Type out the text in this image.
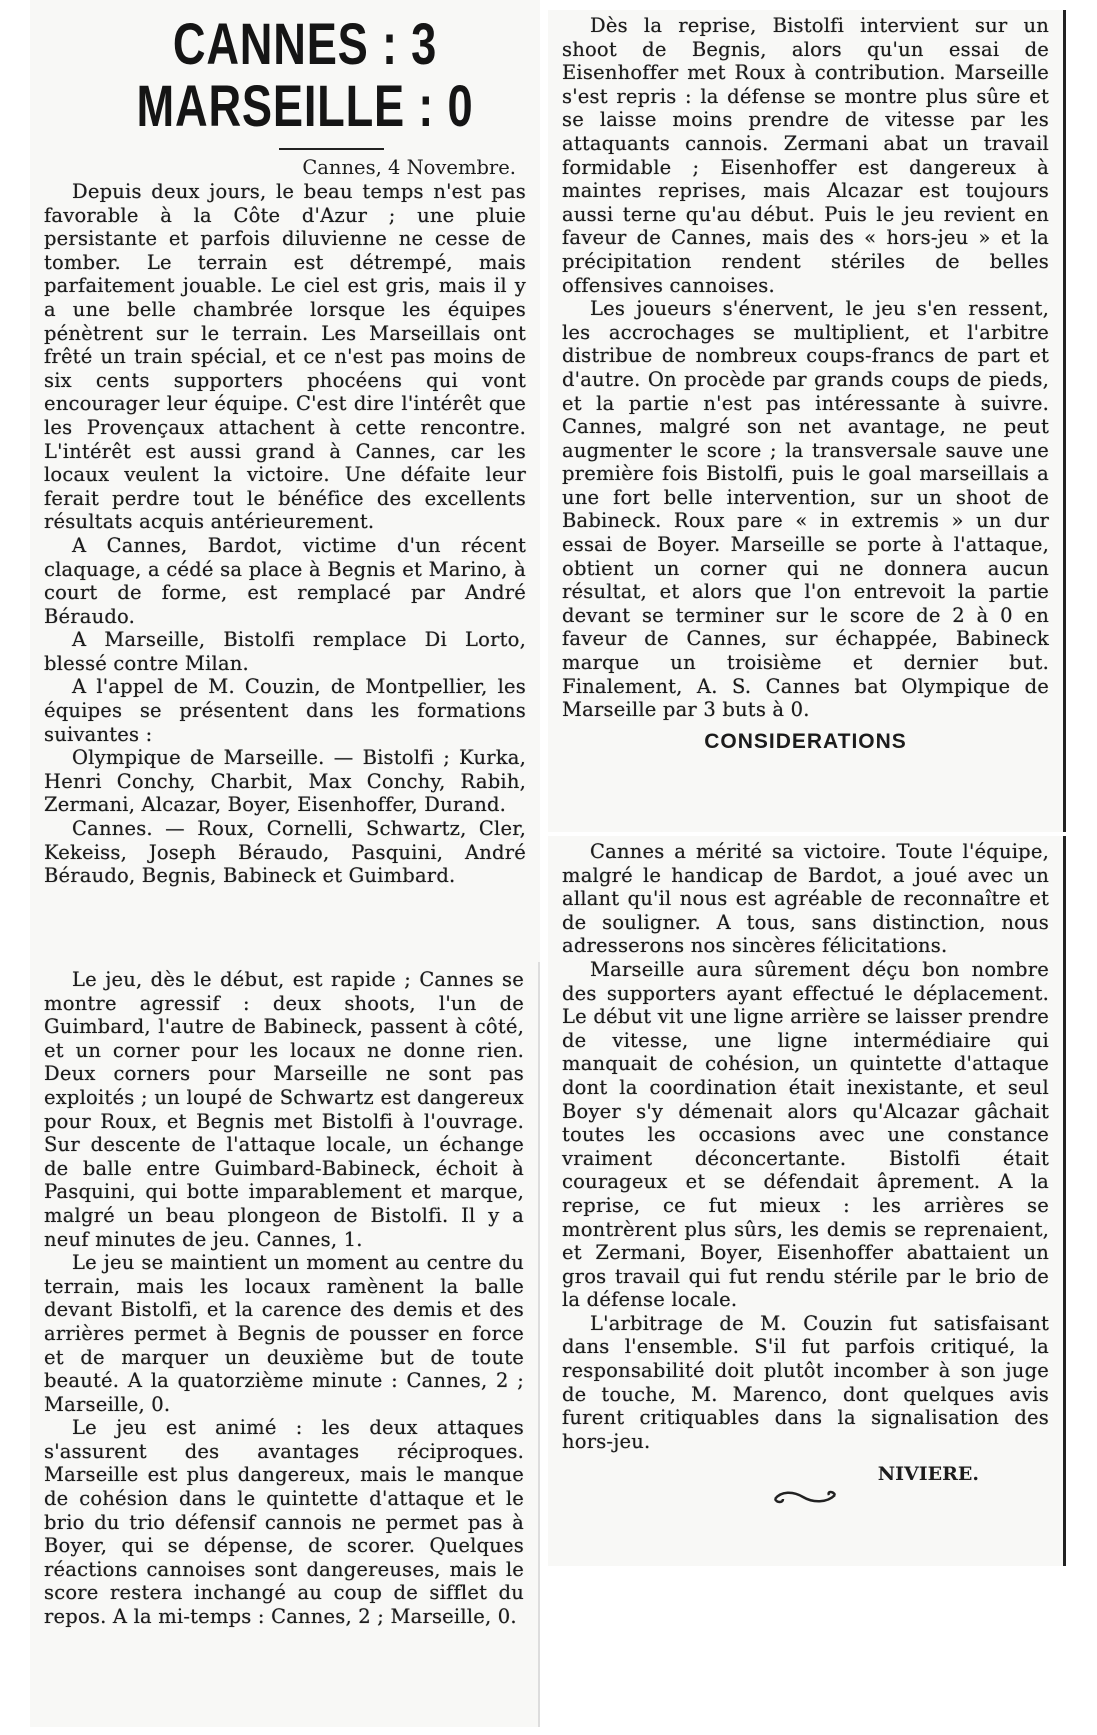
CANNES : 3
MARSEILLE : 0
Cannes, 4 Novembre.

Depuis deux jours, le beau temps n'est pas favorable à la Côte d'Azur ; une pluie persistante et parfois diluvienne ne cesse de tomber. Le terrain est détrempé, mais parfaitement jouable. Le ciel est gris, mais il y a une belle chambrée lorsque les équipes pénètrent sur le terrain. Les Marseillais ont frêté un train spécial, et ce n'est pas moins de six cents supporters phocéens qui vont encourager leur équipe. C'est dire l'intérêt que les Provençaux attachent à cette rencontre. L'intérêt est aussi grand à Cannes, car les locaux veulent la victoire. Une défaite leur ferait perdre tout le bénéfice des excellents résultats acquis antérieurement.

A Cannes, Bardot, victime d'un récent claquage, a cédé sa place à Begnis et Marino, à court de forme, est remplacé par André Béraudo.

A Marseille, Bistolfi remplace Di Lorto, blessé contre Milan.

A l'appel de M. Couzin, de Montpellier, les équipes se présentent dans les formations suivantes :

Olympique de Marseille. — Bistolfi ; Kurka, Henri Conchy, Charbit, Max Conchy, Rabih, Zermani, Alcazar, Boyer, Eisenhoffer, Durand.

Cannes. — Roux, Cornelli, Schwartz, Cler, Kekeiss, Joseph Béraudo, Pasquini, André Béraudo, Begnis, Babineck et Guimbard.

Le jeu, dès le début, est rapide ; Cannes se montre agressif : deux shoots, l'un de Guimbard, l'autre de Babineck, passent à côté, et un corner pour les locaux ne donne rien. Deux corners pour Marseille ne sont pas exploités ; un loupé de Schwartz est dangereux pour Roux, et Begnis met Bistolfi à l'ouvrage. Sur descente de l'attaque locale, un échange de balle entre Guimbard-Babineck, échoit à Pasquini, qui botte imparablement et marque, malgré un beau plongeon de Bistolfi. Il y a neuf minutes de jeu. Cannes, 1.

Le jeu se maintient un moment au centre du terrain, mais les locaux ramènent la balle devant Bistolfi, et la carence des demis et des arrières permet à Begnis de pousser en force et de marquer un deuxième but de toute beauté. A la quatorzième minute : Cannes, 2 ; Marseille, 0.

Le jeu est animé : les deux attaques s'assurent des avantages réciproques. Marseille est plus dangereux, mais le manque de cohésion dans le quintette d'attaque et le brio du trio défensif cannois ne permet pas à Boyer, qui se dépense, de scorer. Quelques réactions cannoises sont dangereuses, mais le score restera inchangé au coup de sifflet du repos. A la mi-temps : Cannes, 2 ; Marseille, 0.

Dès la reprise, Bistolfi intervient sur un shoot de Begnis, alors qu'un essai de Eisenhoffer met Roux à contribution. Marseille s'est repris : la défense se montre plus sûre et se laisse moins prendre de vitesse par les attaquants cannois. Zermani abat un travail formidable ; Eisenhoffer est dangereux à maintes reprises, mais Alcazar est toujours aussi terne qu'au début. Puis le jeu revient en faveur de Cannes, mais des « hors-jeu » et la précipitation rendent stériles de belles offensives cannoises.

Les joueurs s'énervent, le jeu s'en ressent, les accrochages se multiplient, et l'arbitre distribue de nombreux coups-francs de part et d'autre. On procède par grands coups de pieds, et la partie n'est pas intéressante à suivre. Cannes, malgré son net avantage, ne peut augmenter le score ; la transversale sauve une première fois Bistolfi, puis le goal marseillais a une fort belle intervention, sur un shoot de Babineck. Roux pare « in extremis » un dur essai de Boyer. Marseille se porte à l'attaque, obtient un corner qui ne donnera aucun résultat, et alors que l'on entrevoit la partie devant se terminer sur le score de 2 à 0 en faveur de Cannes, sur échappée, Babineck marque un troisième et dernier but. Finalement, A. S. Cannes bat Olympique de Marseille par 3 buts à 0.

CONSIDERATIONS

Cannes a mérité sa victoire. Toute l'équipe, malgré le handicap de Bardot, a joué avec un allant qu'il nous est agréable de reconnaître et de souligner. A tous, sans distinction, nous adresserons nos sincères félicitations.

Marseille aura sûrement déçu bon nombre des supporters ayant effectué le déplacement. Le début vit une ligne arrière se laisser prendre de vitesse, une ligne intermédiaire qui manquait de cohésion, un quintette d'attaque dont la coordination était inexistante, et seul Boyer s'y démenait alors qu'Alcazar gâchait toutes les occasions avec une constance vraiment déconcertante. Bistolfi était courageux et se défendait âprement. A la reprise, ce fut mieux : les arrières se montrèrent plus sûrs, les demis se reprenaient, et Zermani, Boyer, Eisenhoffer abattaient un gros travail qui fut rendu stérile par le brio de la défense locale.

L'arbitrage de M. Couzin fut satisfaisant dans l'ensemble. S'il fut parfois critiqué, la responsabilité doit plutôt incomber à son juge de touche, M. Marenco, dont quelques avis furent critiquables dans la signalisation des hors-jeu.

NIVIERE.
